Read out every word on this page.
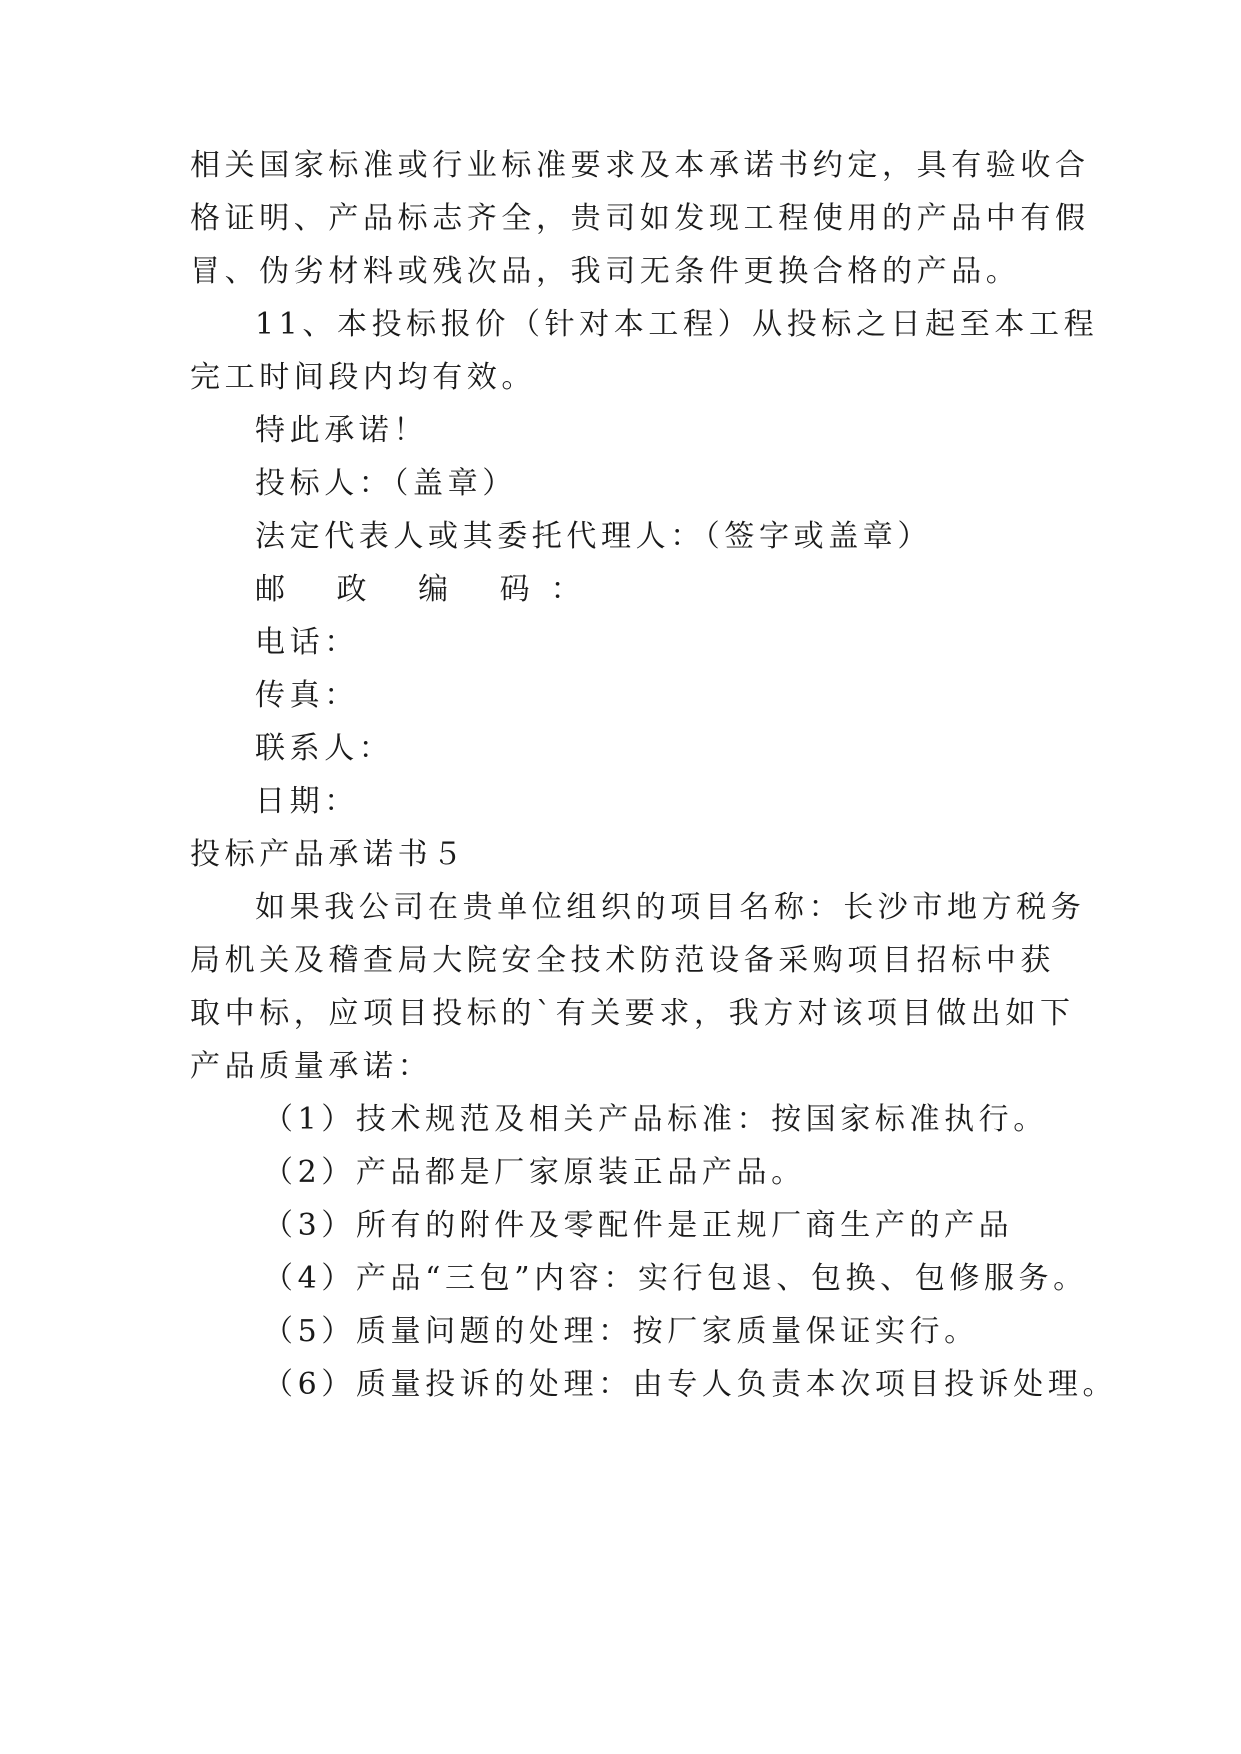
相关国家标准或行业标准要求及本承诺书约定，具有验收合
格证明、产品标志齐全，贵司如发现工程使用的产品中有假
冒、伪劣材料或残次品，我司无条件更换合格的产品。
11、本投标报价（针对本工程）从投标之日起至本工程
完工时间段内均有效。
特此承诺！
投标人：（盖章）
法定代表人或其委托代理人：（签字或盖章）
邮 政 编 码：
电话：
传真：
联系人：
日期：
投标产品承诺书５
如果我公司在贵单位组织的项目名称：长沙市地方税务
局机关及稽查局大院安全技术防范设备采购项目招标中获
取中标，应项目投标的`有关要求，我方对该项目做出如下
产品质量承诺：
（1）技术规范及相关产品标准：按国家标准执行。
（2）产品都是厂家原装正品产品。
（3）所有的附件及零配件是正规厂商生产的产品
（4）产品“三包”内容：实行包退、包换、包修服务。
（5）质量问题的处理：按厂家质量保证实行。
（6）质量投诉的处理：由专人负责本次项目投诉处理。
